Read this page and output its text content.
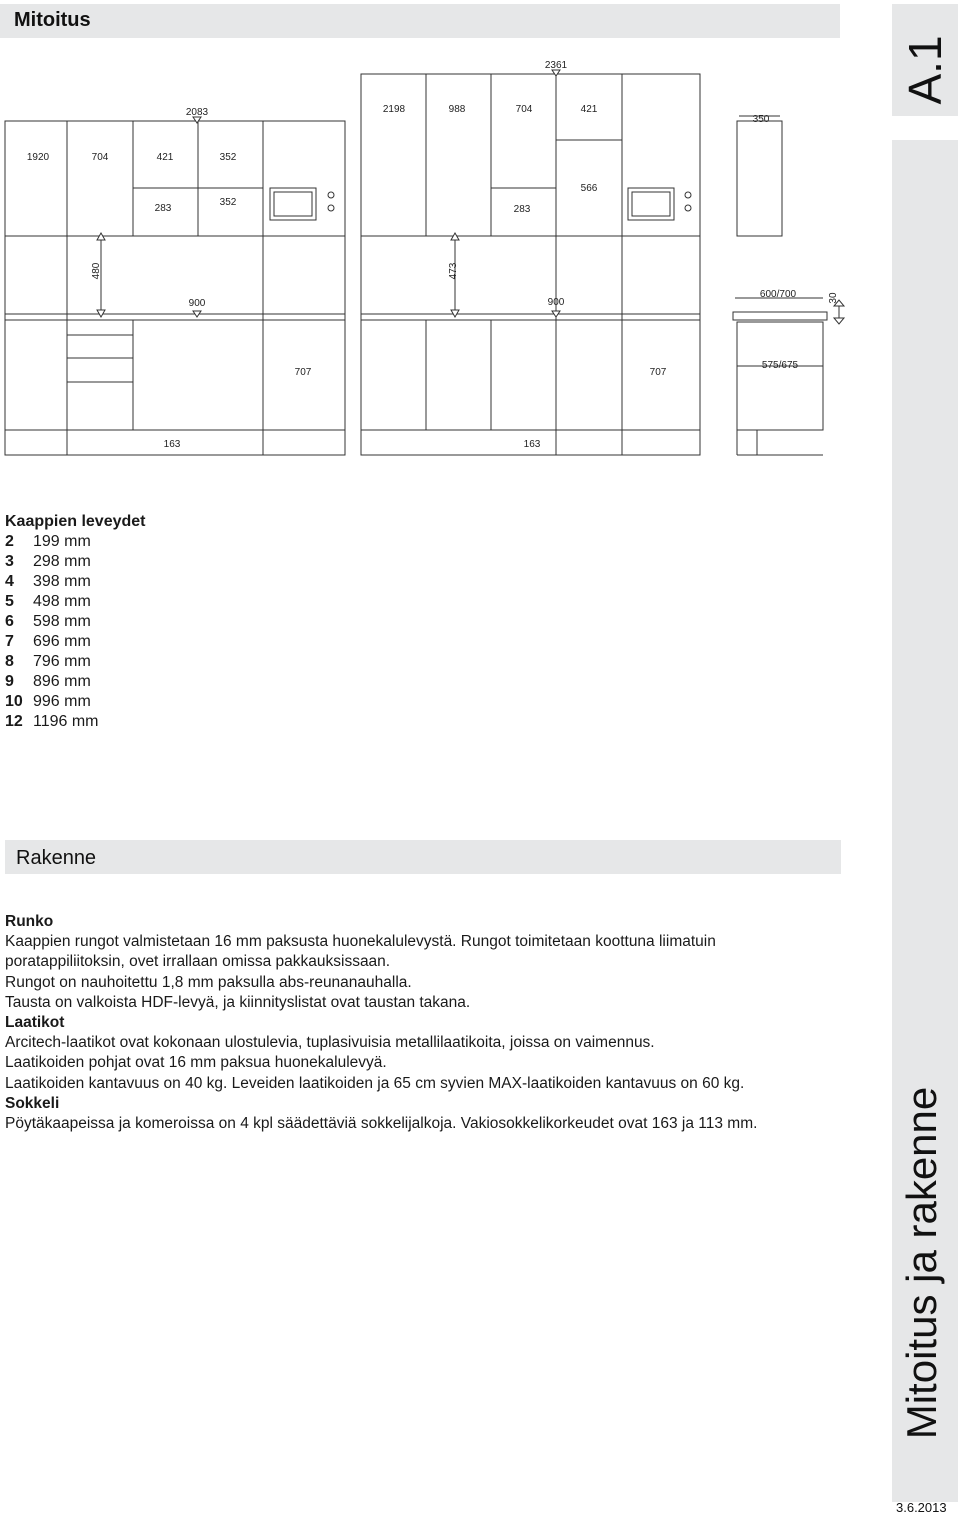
Mitoitus
A.1
Mitoitus ja rakenne
3.6.2013
2083
1920	704	421	352
283
352
2361
2198	988	704	421
566
283
350
480	473
900	900
600/700	30
707	707
575/675
163	163
Kaappien leveydet
2 199 mm
3 298 mm
4 398 mm
5 498 mm
6 598 mm
7 696 mm
8 796 mm
9 896 mm
10 996 mm
12 1196 mm
Rakenne

Runko

Kaappien rungot valmistetaan 16 mm paksusta huonekalulevystä. Rungot toimitetaan koottuna liimatuin

poratappiliitoksin, ovet irrallaan omissa pakkauksissaan.

Rungot on nauhoitettu 1,8 mm paksulla abs-reunanauhalla.

Tausta on valkoista HDF-levyä, ja kiinnityslistat ovat taustan takana.

Laatikot

Arcitech-laatikot ovat kokonaan ulostulevia, tuplasivuisia metallilaatikoita, joissa on vaimennus.

Laatikoiden pohjat ovat 16 mm paksua huonekalulevyä.

Laatikoiden kantavuus on 40 kg. Leveiden laatikoiden ja 65 cm syvien MAX-laatikoiden kantavuus on 60 kg.

Sokkeli

Pöytäkaapeissa ja komeroissa on 4 kpl säädettäviä sokkelijalkoja. Vakiosokkelikorkeudet ovat 163 ja 113 mm.
